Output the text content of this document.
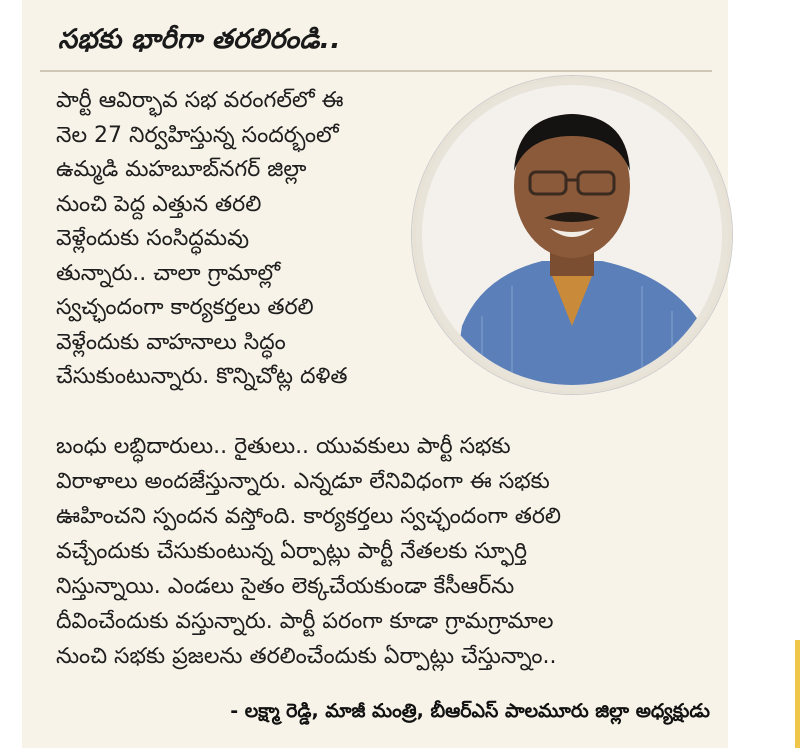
సభకు భారీగా తరలిరండి..
పార్టీ ఆవిర్భావ సభ వరంగల్‌లో ఈ
నెల 27 నిర్వహిస్తున్న సందర్భంలో
ఉమ్మడి మహబూబ్‌నగర్ జిల్లా
నుంచి పెద్ద ఎత్తున తరలి
వెళ్లేందుకు సంసిద్ధమవు
తున్నారు.. చాలా గ్రామాల్లో
స్వచ్ఛందంగా కార్యకర్తలు తరలి
వెళ్లేందుకు వాహనాలు సిద్ధం
చేసుకుంటున్నారు. కొన్నిచోట్ల దళిత
బంధు లబ్ధిదారులు.. రైతులు.. యువకులు పార్టీ సభకు
విరాళాలు అందజేస్తున్నారు. ఎన్నడూ లేనివిధంగా ఈ సభకు
ఊహించని స్పందన వస్తోంది. కార్యకర్తలు స్వచ్ఛందంగా తరలి
వచ్చేందుకు చేసుకుంటున్న ఏర్పాట్లు పార్టీ నేతలకు స్ఫూర్తి
నిస్తున్నాయి. ఎండలు సైతం లెక్కచేయకుండా కేసీఆర్‌ను
దీవించేందుకు వస్తున్నారు. పార్టీ పరంగా కూడా గ్రామగ్రామాల
నుంచి సభకు ప్రజలను తరలించేందుకు ఏర్పాట్లు చేస్తున్నాం..
- లక్ష్మా రెడ్డి, మాజీ మంత్రి, బీఆర్ఎస్ పాలమూరు జిల్లా అధ్యక్షుడు
